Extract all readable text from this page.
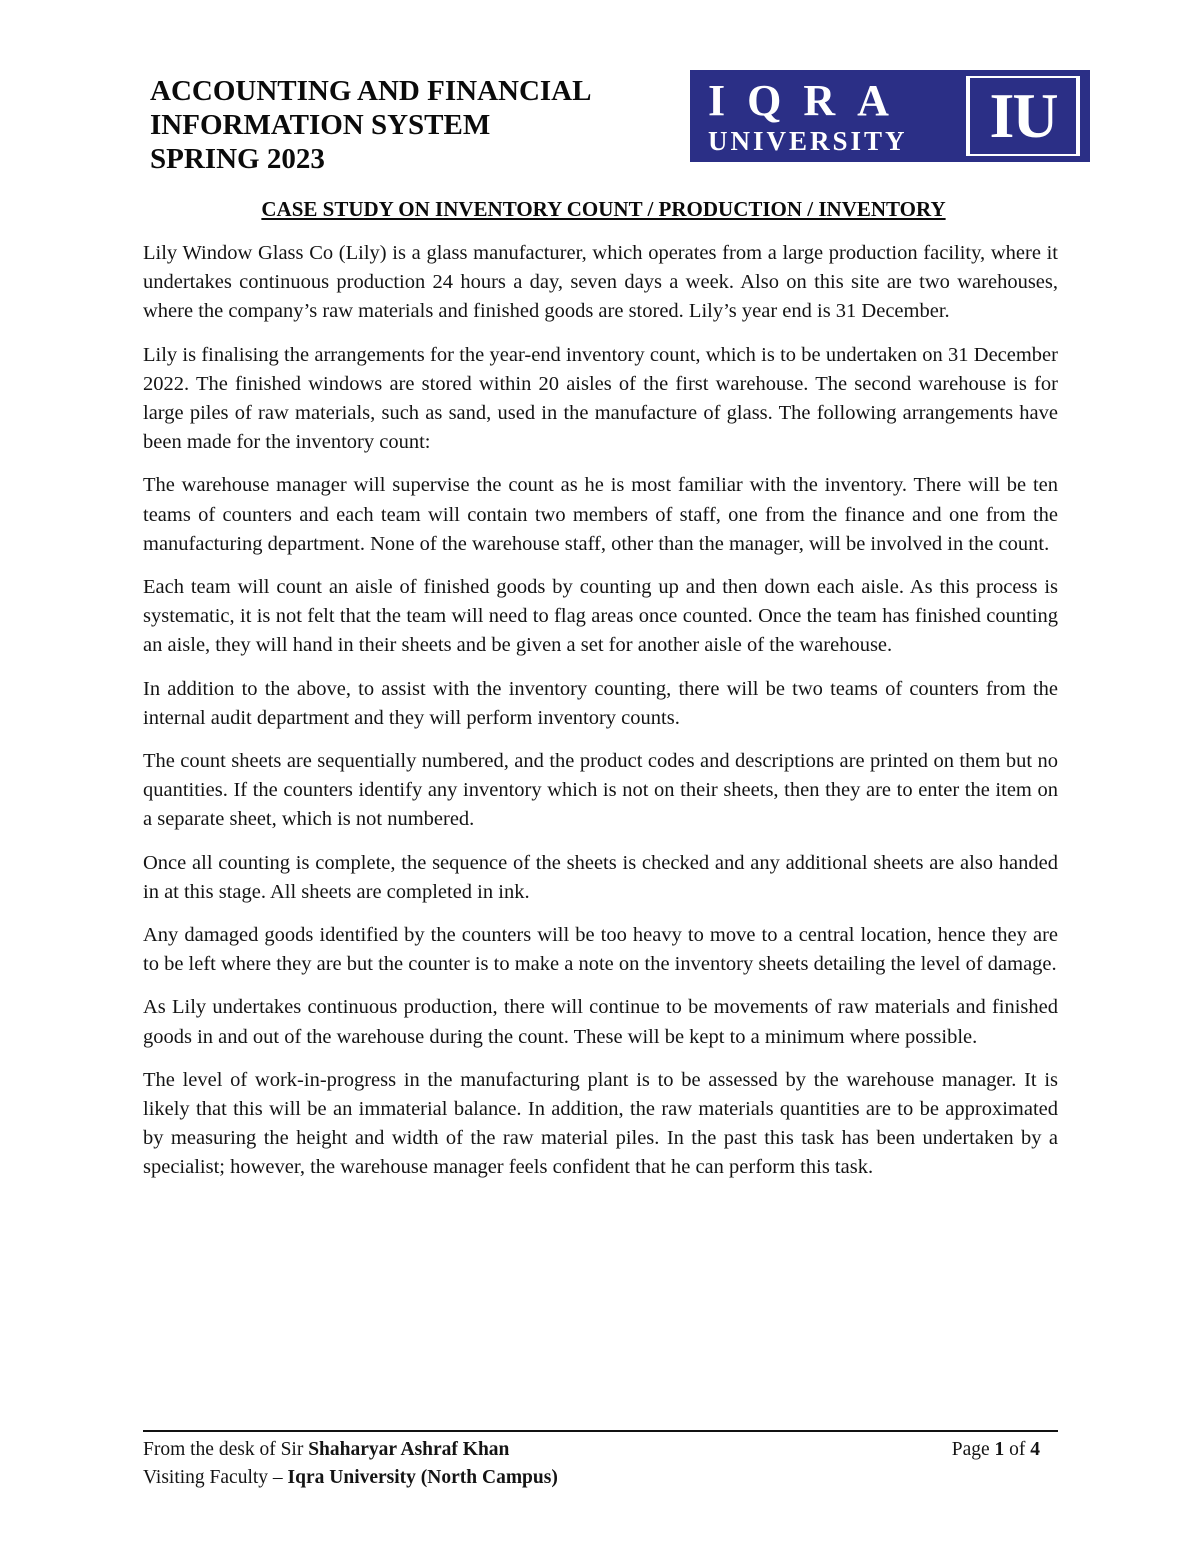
ACCOUNTING AND FINANCIAL
INFORMATION SYSTEM
SPRING 2023
IQRA
UNIVERSITY	IU
CASE STUDY ON INVENTORY COUNT / PRODUCTION / INVENTORY

Lily Window Glass Co (Lily) is a glass manufacturer, which operates from a large production facility, where it undertakes continuous production 24 hours a day, seven days a week. Also on this site are two warehouses, where the company’s raw materials and finished goods are stored. Lily’s year end is 31 December.

Lily is finalising the arrangements for the year-end inventory count, which is to be undertaken on 31 December 2022. The finished windows are stored within 20 aisles of the first warehouse. The second warehouse is for large piles of raw materials, such as sand, used in the manufacture of glass. The following arrangements have been made for the inventory count:

The warehouse manager will supervise the count as he is most familiar with the inventory. There will be ten teams of counters and each team will contain two members of staff, one from the finance and one from the manufacturing department. None of the warehouse staff, other than the manager, will be involved in the count.

Each team will count an aisle of finished goods by counting up and then down each aisle. As this process is systematic, it is not felt that the team will need to flag areas once counted. Once the team has finished counting an aisle, they will hand in their sheets and be given a set for another aisle of the warehouse.

In addition to the above, to assist with the inventory counting, there will be two teams of counters from the internal audit department and they will perform inventory counts.

The count sheets are sequentially numbered, and the product codes and descriptions are printed on them but no quantities. If the counters identify any inventory which is not on their sheets, then they are to enter the item on a separate sheet, which is not numbered.

Once all counting is complete, the sequence of the sheets is checked and any additional sheets are also handed in at this stage. All sheets are completed in ink.

Any damaged goods identified by the counters will be too heavy to move to a central location, hence they are to be left where they are but the counter is to make a note on the inventory sheets detailing the level of damage.

As Lily undertakes continuous production, there will continue to be movements of raw materials and finished goods in and out of the warehouse during the count. These will be kept to a minimum where possible.

The level of work-in-progress in the manufacturing plant is to be assessed by the warehouse manager. It is likely that this will be an immaterial balance. In addition, the raw materials quantities are to be approximated by measuring the height and width of the raw material piles. In the past this task has been undertaken by a specialist; however, the warehouse manager feels confident that he can perform this task.

From the desk of Sir Shaharyar Ashraf Khan
Visiting Faculty – Iqra University (North Campus)
Page 1 of 4
